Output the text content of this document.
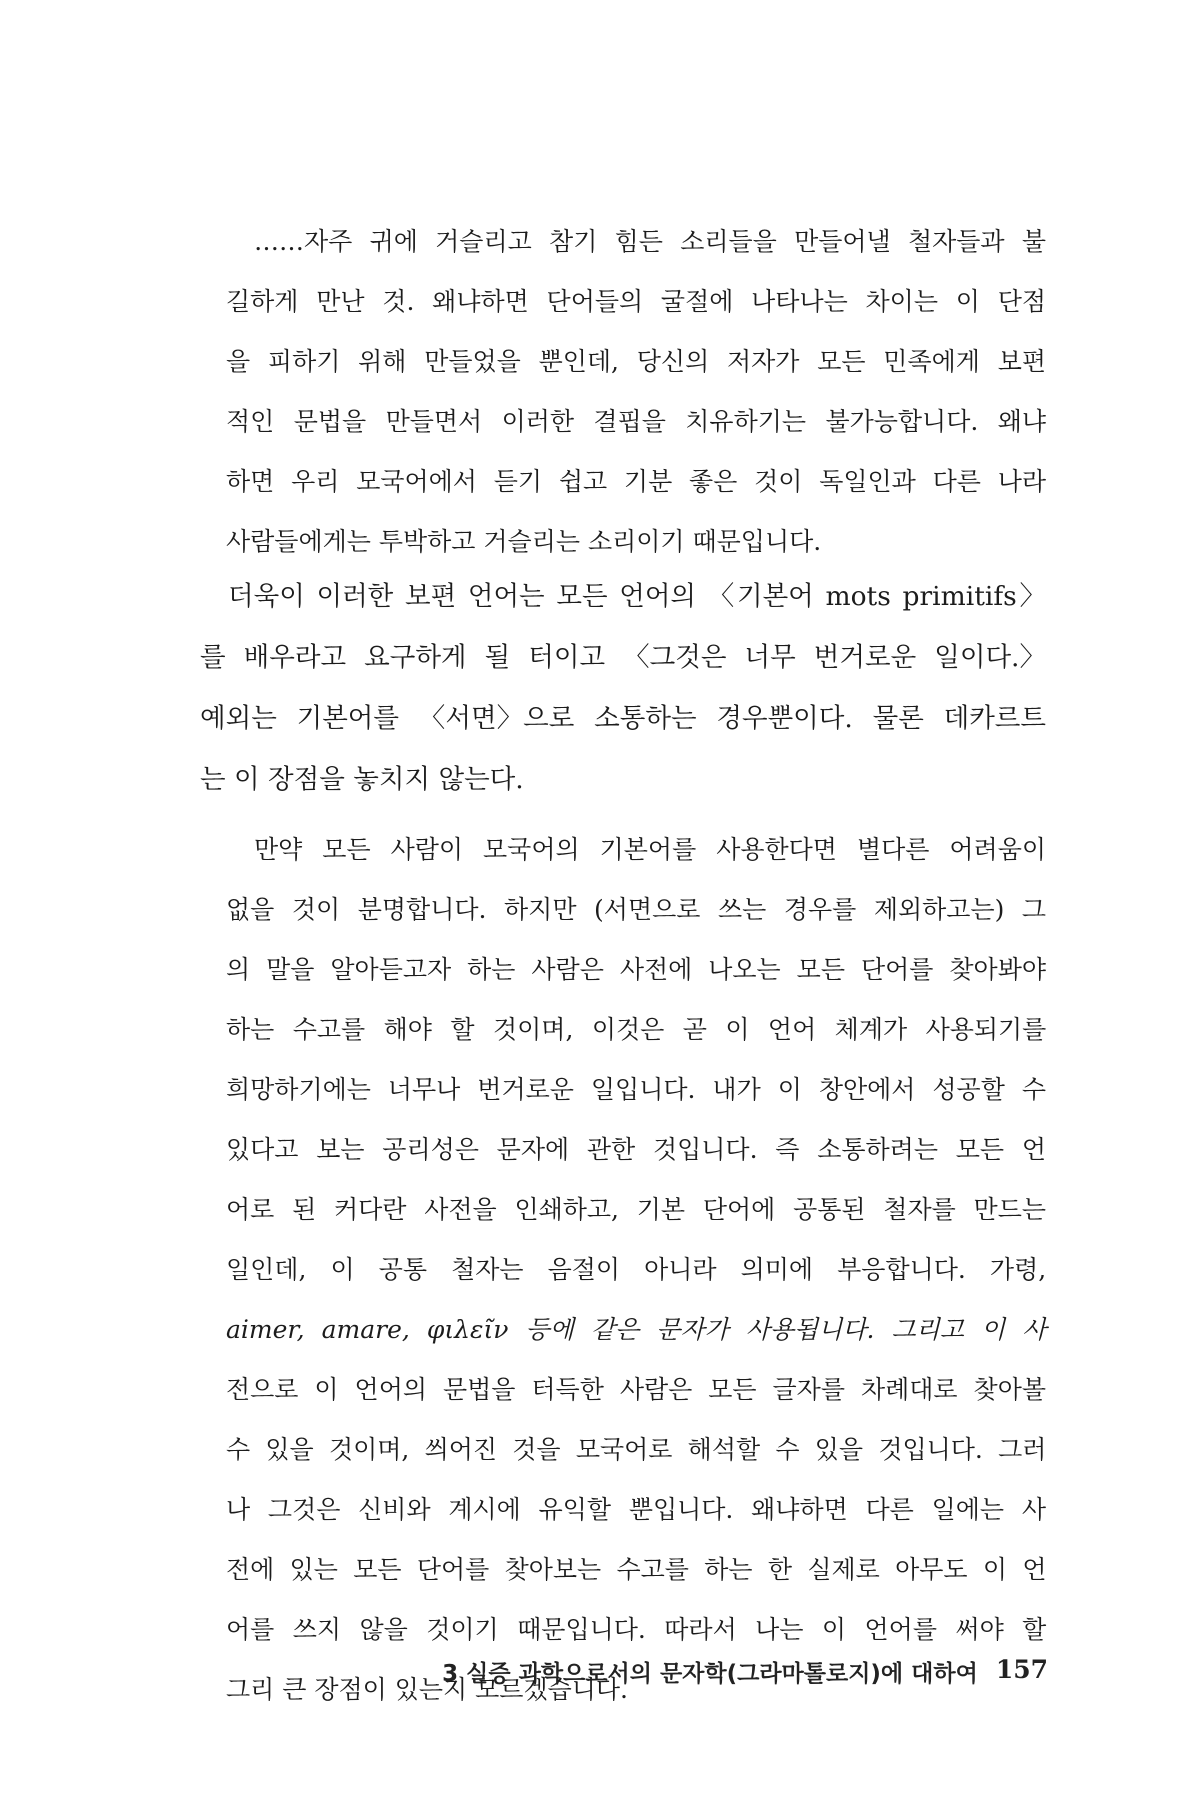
……자주 귀에 거슬리고 참기 힘든 소리들을 만들어낼 철자들과 불
길하게 만난 것. 왜냐하면 단어들의 굴절에 나타나는 차이는 이 단점
을 피하기 위해 만들었을 뿐인데, 당신의 저자가 모든 민족에게 보편
적인 문법을 만들면서 이러한 결핍을 치유하기는 불가능합니다. 왜냐
하면 우리 모국어에서 듣기 쉽고 기분 좋은 것이 독일인과 다른 나라
사람들에게는 투박하고 거슬리는 소리이기 때문입니다.
더욱이 이러한 보편 언어는 모든 언어의 〈기본어 mots primitifs〉
를 배우라고 요구하게 될 터이고 〈그것은 너무 번거로운 일이다.〉
예외는 기본어를 〈서면〉으로 소통하는 경우뿐이다. 물론 데카르트
는 이 장점을 놓치지 않는다.
만약 모든 사람이 모국어의 기본어를 사용한다면 별다른 어려움이
없을 것이 분명합니다. 하지만 (서면으로 쓰는 경우를 제외하고는) 그
의 말을 알아듣고자 하는 사람은 사전에 나오는 모든 단어를 찾아봐야
하는 수고를 해야 할 것이며, 이것은 곧 이 언어 체계가 사용되기를
희망하기에는 너무나 번거로운 일입니다. 내가 이 창안에서 성공할 수
있다고 보는 공리성은 문자에 관한 것입니다. 즉 소통하려는 모든 언
어로 된 커다란 사전을 인쇄하고, 기본 단어에 공통된 철자를 만드는
일인데, 이 공통 철자는 음절이 아니라 의미에 부응합니다. 가령,
aimer, amare, φιλεῖν 등에 같은 문자가 사용됩니다. 그리고 이 사
전으로 이 언어의 문법을 터득한 사람은 모든 글자를 차례대로 찾아볼
수 있을 것이며, 씌어진 것을 모국어로 해석할 수 있을 것입니다. 그러
나 그것은 신비와 계시에 유익할 뿐입니다. 왜냐하면 다른 일에는 사
전에 있는 모든 단어를 찾아보는 수고를 하는 한 실제로 아무도 이 언
어를 쓰지 않을 것이기 때문입니다. 따라서 나는 이 언어를 써야 할
그리 큰 장점이 있는지 모르겠습니다.
3 실증 과학으로서의 문자학(그라마톨로지)에 대하여 157
